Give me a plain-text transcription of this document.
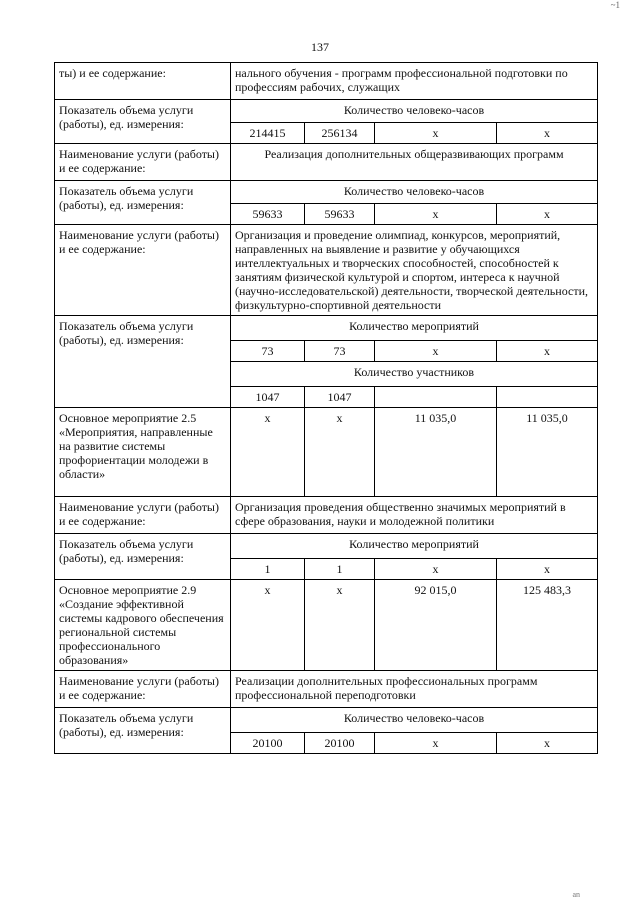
~1
137
ты) и ее содержание:	нального обучения - программ профессиональной подготовки по профессиям рабочих, служащих			
Показатель объема услуги (работы), ед. измерения:	Количество человеко-часов			
	214415	256134	x	x
Наименование услуги (работы) и ее содержание:	Реализация дополнительных общеразвивающих программ			
Показатель объема услуги (работы), ед. измерения:	Количество человеко-часов			
	59633	59633	x	x
Наименование услуги (работы) и ее содержание:	Организация и проведение олимпиад, конкурсов, мероприятий, направленных на выявление и развитие у обучающихся интеллектуальных и творческих способностей, способностей к занятиям физической культурой и спортом, интереса к научной (научно-исследовательской) деятельности, творческой деятельности, физкультурно-спортивной деятельности			
Показатель объема услуги (работы), ед. измерения:	Количество мероприятий			
	73	73	x	x
	Количество участников			
	1047	1047		
Основное мероприятие 2.5 «Мероприятия, направленные на развитие системы профориентации молодежи в области»	x	x	11 035,0	11 035,0
Наименование услуги (работы) и ее содержание:	Организация проведения общественно значимых мероприятий в сфере образования, науки и молодежной политики			
Показатель объема услуги (работы), ед. измерения:	Количество мероприятий			
	1	1	x	x
Основное мероприятие 2.9 «Создание эффективной системы кадрового обеспечения региональной системы профессионального образования»	x	x	92 015,0	125 483,3
Наименование услуги (работы) и ее содержание:	Реализации дополнительных профессиональных программ профессиональной переподготовки			
Показатель объема услуги (работы), ед. измерения:	Количество человеко-часов			
	20100	20100	x	x
an
